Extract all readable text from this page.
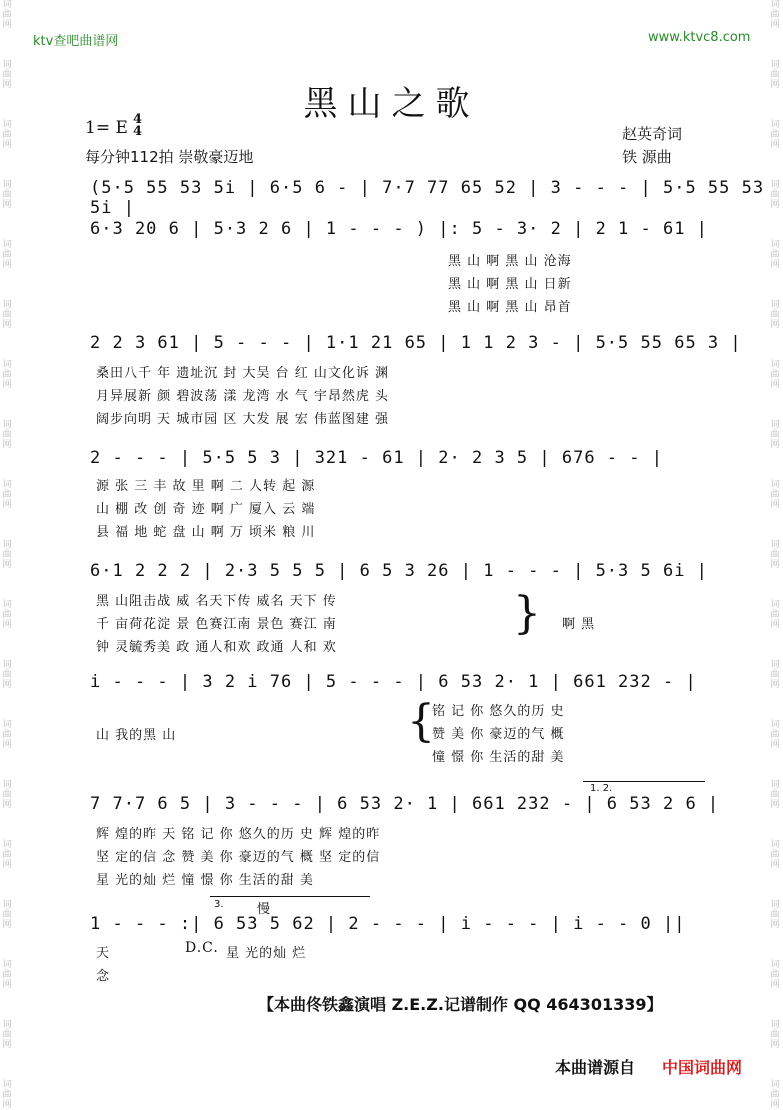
词
曲
网
词
曲
网
词
曲
网
词
曲
网
词
曲
网
词
曲
网
词
曲
网
词
曲
网
词
曲
网
词
曲
网
词
曲
网
词
曲
网
词
曲
网
词
曲
网
词
曲
网
词
曲
网
词
曲
网
词
曲
网
词
曲
网
词
曲
网
词
曲
网
词
曲
网
词
曲
网
词
曲
网
词
曲
网
词
曲
网
词
曲
网
词
曲
网
词
曲
网
词
曲
网
词
曲
网
词
曲
网
词
曲
网
词
曲
网
词
曲
网
词
曲
网
词
曲
网
词
曲
网
ktv查吧曲谱网	www.ktvc8.com
黑山之歌
1= E 4
4
每分钟112拍 崇敬豪迈地
赵英奇词
铁 源曲
(5·5 55 53 5i | 6·5 6 - | 7·7 77 65 52 | 3 - - - | 5·5 55 53 5i |
6·3 20 6 | 5·3 2 6 | 1 - - - ) |: 5 - 3· 2 | 2 1 - 61 |
黑 山 啊 黑 山 沧海
黑 山 啊 黑 山 日新
黑 山 啊 黑 山 昂首
2 2 3 61 | 5 - - - | 1·1 21 65 | 1 1 2 3 - | 5·5 55 65 3 |
桑田八千 年 遗址沉 封 大吴 台 红 山文化诉 渊
月异展新 颜 碧波荡 漾 龙湾 水 气 宇昂然虎 头
阔步向明 天 城市园 区 大发 展 宏 伟蓝图建 强
2 - - - | 5·5 5 3 | 321 - 61 | 2· 2 3 5 | 676 - - |
源 张 三 丰 故 里 啊 二 人转 起 源
山 棚 改 创 奇 迹 啊 广 厦入 云 端
县 福 地 蛇 盘 山 啊 万 顷米 粮 川
6·1 2 2 2 | 2·3 5 5 5 | 6 5 3 26 | 1 - - - | 5·3 5 6i |
黑 山阻击战 威 名天下传 威名 天下 传
千 亩荷花淀 景 色赛江南 景色 赛江 南
钟 灵毓秀美 政 通人和欢 政通 人和 欢
} 啊 黑
i - - - | 3 2 i 76 | 5 - - - | 6 53 2· 1 | 661 232 - |
山 我的黑 山	{
铭 记 你 悠久的历 史
赞 美 你 豪迈的气 概
憧 憬 你 生活的甜 美
1. 2.
7 7·7 6 5 | 3 - - - | 6 53 2· 1 | 661 232 - | 6 53 2 6 |
辉 煌的昨 天 铭 记 你 悠久的历 史 辉 煌的昨
坚 定的信 念 赞 美 你 豪迈的气 概 坚 定的信
星 光的灿 烂 憧 憬 你 生活的甜 美
3.	慢
1 - - - :| 6 53 5 62 | 2 - - - | i - - - | i - - 0 ||
天
念
D.C. 星 光的灿 烂
【本曲佟铁鑫演唱 Z.E.Z.记谱制作 QQ 464301339】
本曲谱源自 中国词曲网
